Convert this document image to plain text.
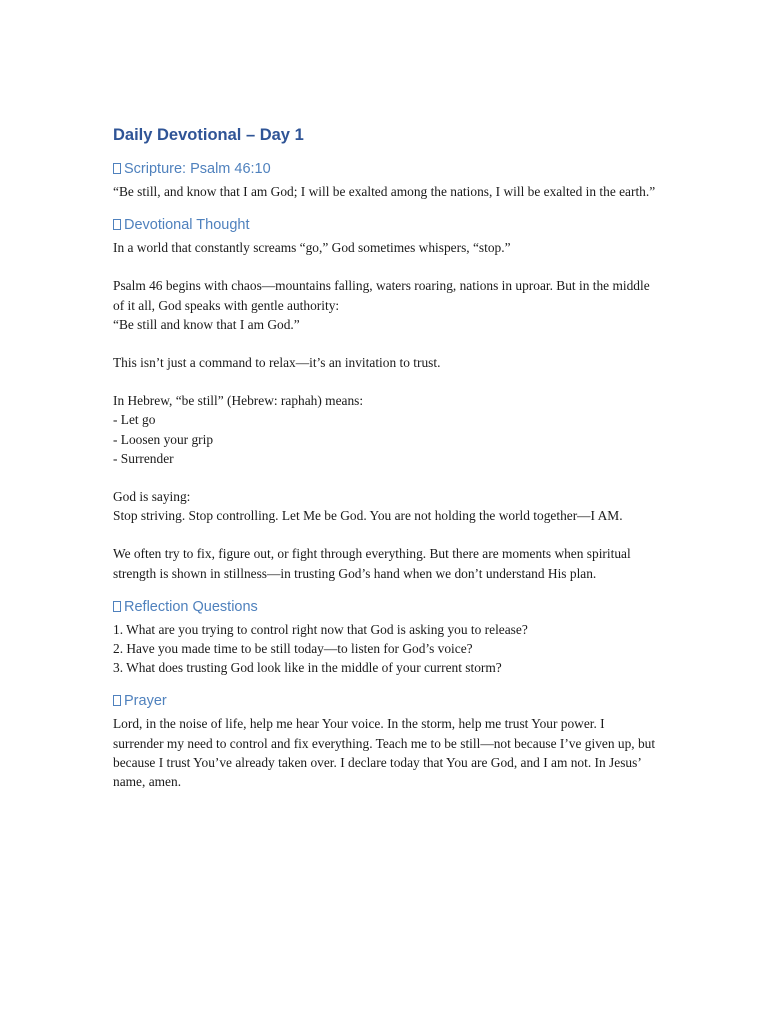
Daily Devotional – Day 1
Scripture: Psalm 46:10
“Be still, and know that I am God; I will be exalted among the nations, I will be exalted in the earth.”
Devotional Thought
In a world that constantly screams “go,” God sometimes whispers, “stop.”
Psalm 46 begins with chaos—mountains falling, waters roaring, nations in uproar. But in the middle of it all, God speaks with gentle authority:
“Be still and know that I am God.”
This isn’t just a command to relax—it’s an invitation to trust.
In Hebrew, “be still” (Hebrew: raphah) means:
- Let go
- Loosen your grip
- Surrender
God is saying:
Stop striving. Stop controlling. Let Me be God. You are not holding the world together—I AM.
We often try to fix, figure out, or fight through everything. But there are moments when spiritual strength is shown in stillness—in trusting God’s hand when we don’t understand His plan.
Reflection Questions
1. What are you trying to control right now that God is asking you to release?
2. Have you made time to be still today—to listen for God’s voice?
3. What does trusting God look like in the middle of your current storm?
Prayer
Lord, in the noise of life, help me hear Your voice. In the storm, help me trust Your power. I surrender my need to control and fix everything. Teach me to be still—not because I’ve given up, but because I trust You’ve already taken over. I declare today that You are God, and I am not. In Jesus’ name, amen.
